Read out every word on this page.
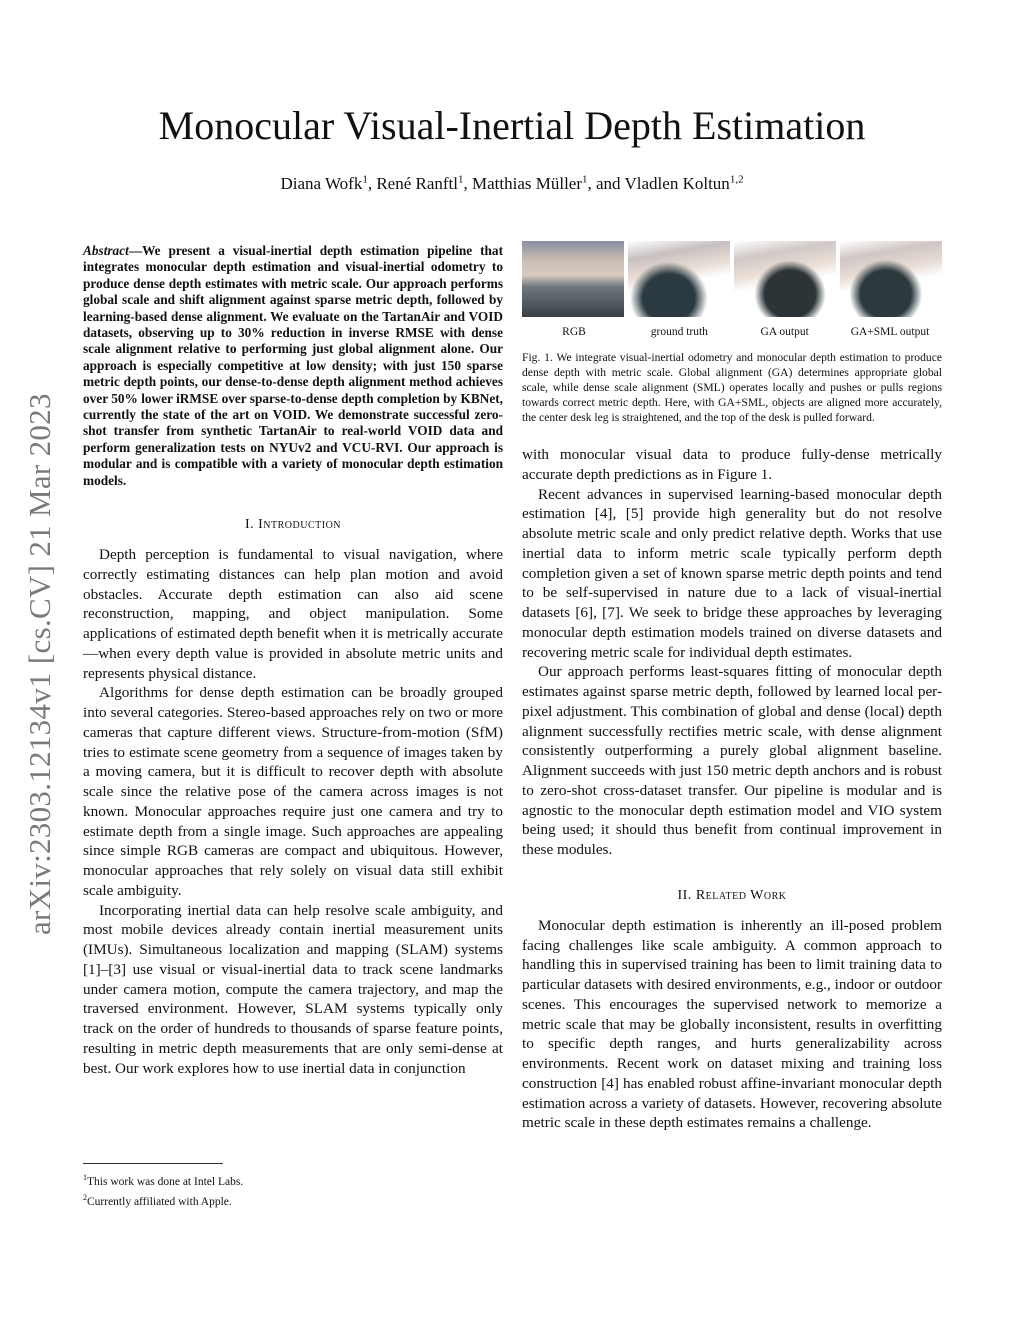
arXiv:2303.12134v1 [cs.CV] 21 Mar 2023
Monocular Visual-Inertial Depth Estimation
Diana Wofk$^1$, René Ranftl$^1$, Matthias Müller$^1$, and Vladlen Koltun$^{1,2}$

Abstract—We present a visual-inertial depth estimation pipeline that integrates monocular depth estimation and visual-inertial odometry to produce dense depth estimates with metric scale. Our approach performs global scale and shift alignment against sparse metric depth, followed by learning-based dense alignment. We evaluate on the TartanAir and VOID datasets, observing up to 30% reduction in inverse RMSE with dense scale alignment relative to performing just global alignment alone. Our approach is especially competitive at low density; with just 150 sparse metric depth points, our dense-to-dense depth alignment method achieves over 50% lower iRMSE over sparse-to-dense depth completion by KBNet, currently the state of the art on VOID. We demonstrate successful zero-shot transfer from synthetic TartanAir to real-world VOID data and perform generalization tests on NYUv2 and VCU-RVI. Our approach is modular and is compatible with a variety of monocular depth estimation models.

I. Introduction

Depth perception is fundamental to visual navigation, where correctly estimating distances can help plan motion and avoid obstacles. Accurate depth estimation can also aid scene reconstruction, mapping, and object manipulation. Some applications of estimated depth benefit when it is metrically accurate—when every depth value is provided in absolute metric units and represents physical distance.

Algorithms for dense depth estimation can be broadly grouped into several categories. Stereo-based approaches rely on two or more cameras that capture different views. Structure-from-motion (SfM) tries to estimate scene geometry from a sequence of images taken by a moving camera, but it is difficult to recover depth with absolute scale since the relative pose of the camera across images is not known. Monocular approaches require just one camera and try to estimate depth from a single image. Such approaches are appealing since simple RGB cameras are compact and ubiquitous. However, monocular approaches that rely solely on visual data still exhibit scale ambiguity.

Incorporating inertial data can help resolve scale ambiguity, and most mobile devices already contain inertial measurement units (IMUs). Simultaneous localization and mapping (SLAM) systems [1]–[3] use visual or visual-inertial data to track scene landmarks under camera motion, compute the camera trajectory, and map the traversed environment. However, SLAM systems typically only track on the order of hundreds to thousands of sparse feature points, resulting in metric depth measurements that are only semi-dense at best. Our work explores how to use inertial data in conjunction

$^1$This work was done at Intel Labs.
$^2$Currently affiliated with Apple.
RGB	ground truth	GA output	GA+SML output
Fig. 1. We integrate visual-inertial odometry and monocular depth estimation to produce dense depth with metric scale. Global alignment (GA) determines appropriate global scale, while dense scale alignment (SML) operates locally and pushes or pulls regions towards correct metric depth. Here, with GA+SML, objects are aligned more accurately, the center desk leg is straightened, and the top of the desk is pulled forward.

with monocular visual data to produce fully-dense metrically accurate depth predictions as in Figure 1.

Recent advances in supervised learning-based monocular depth estimation [4], [5] provide high generality but do not resolve absolute metric scale and only predict relative depth. Works that use inertial data to inform metric scale typically perform depth completion given a set of known sparse metric depth points and tend to be self-supervised in nature due to a lack of visual-inertial datasets [6], [7]. We seek to bridge these approaches by leveraging monocular depth estimation models trained on diverse datasets and recovering metric scale for individual depth estimates.

Our approach performs least-squares fitting of monocular depth estimates against sparse metric depth, followed by learned local per-pixel adjustment. This combination of global and dense (local) depth alignment successfully rectifies metric scale, with dense alignment consistently outperforming a purely global alignment baseline. Alignment succeeds with just 150 metric depth anchors and is robust to zero-shot cross-dataset transfer. Our pipeline is modular and is agnostic to the monocular depth estimation model and VIO system being used; it should thus benefit from continual improvement in these modules.

II. Related Work

Monocular depth estimation is inherently an ill-posed problem facing challenges like scale ambiguity. A common approach to handling this in supervised training has been to limit training data to particular datasets with desired environments, e.g., indoor or outdoor scenes. This encourages the supervised network to memorize a metric scale that may be globally inconsistent, results in overfitting to specific depth ranges, and hurts generalizability across environments. Recent work on dataset mixing and training loss construction [4] has enabled robust affine-invariant monocular depth estimation across a variety of datasets. However, recovering absolute metric scale in these depth estimates remains a challenge.
